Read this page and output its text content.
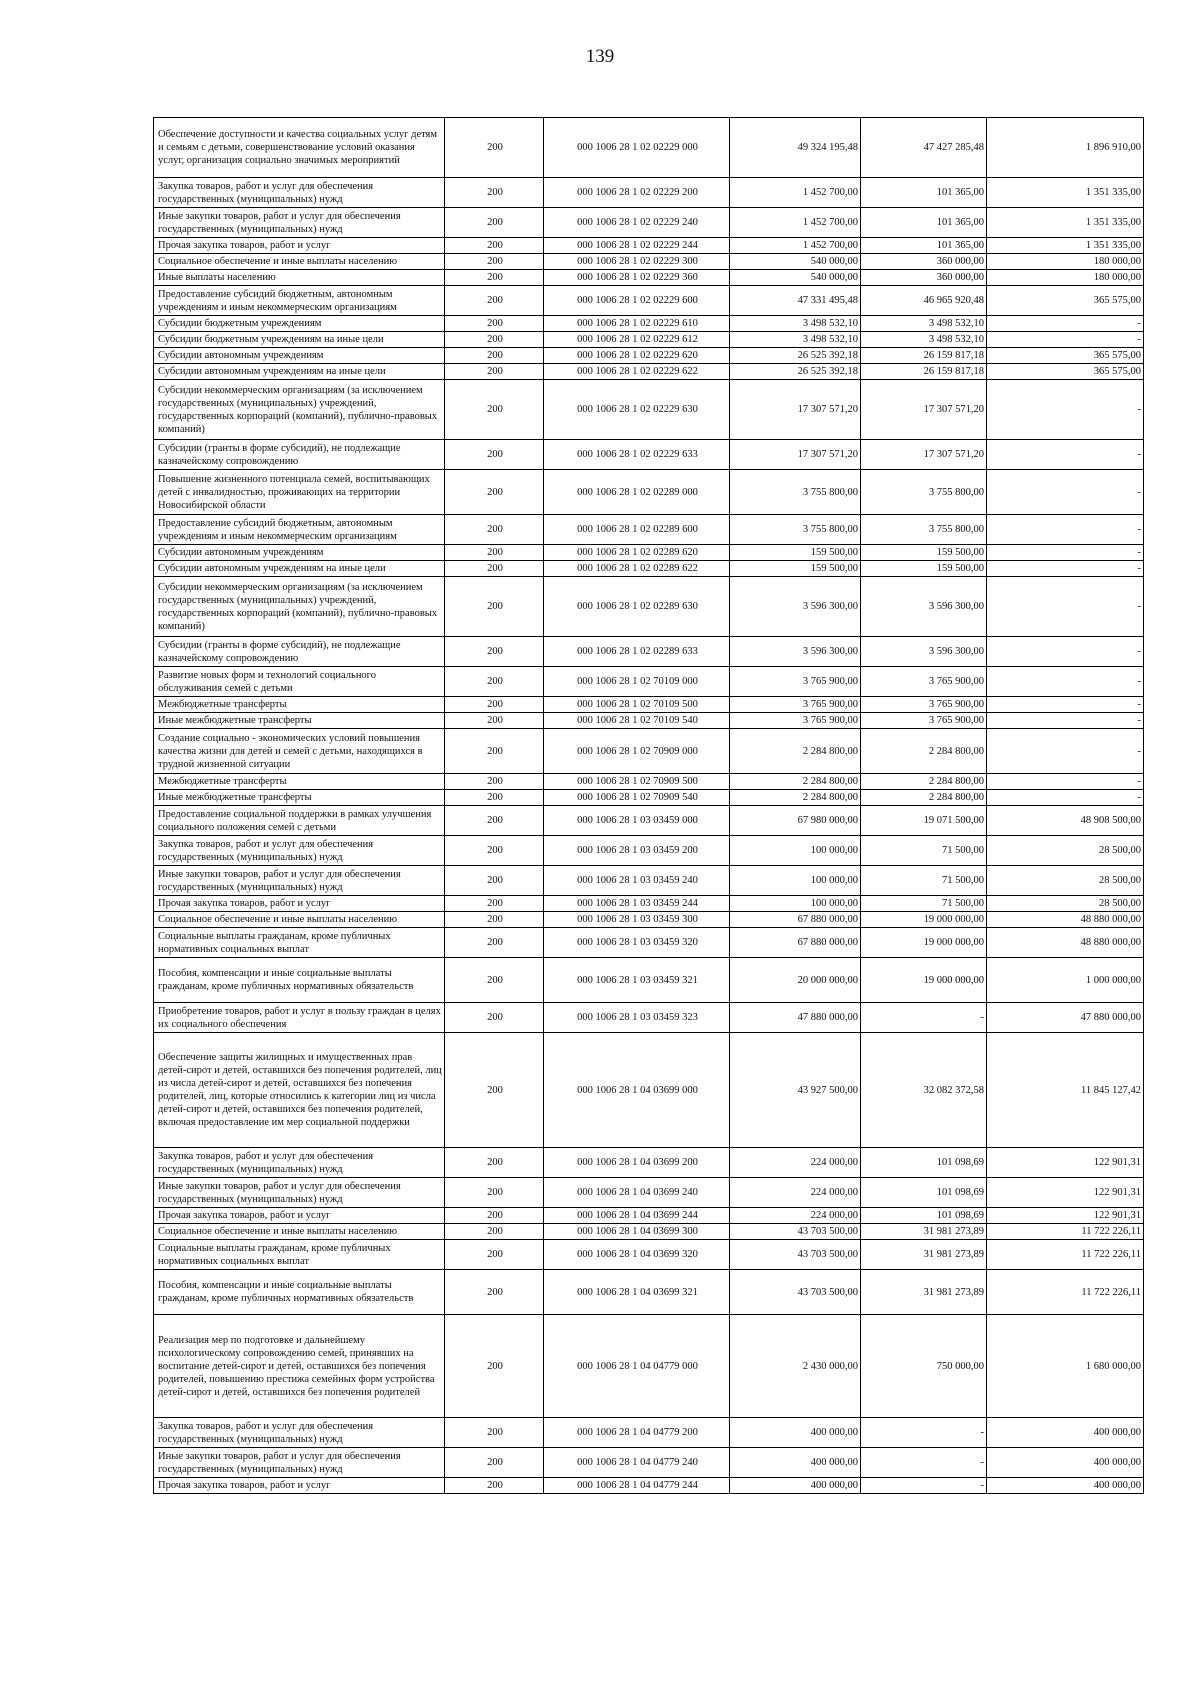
139
Обеспечение доступности и качества социальных услуг детям и семьям с детьми, совершенствование условий оказания услуг, организация социально значимых мероприятий	200	000 1006 28 1 02 02229 000	49 324 195,48	47 427 285,48	1 896 910,00
Закупка товаров, работ и услуг для обеспечения государственных (муниципальных) нужд	200	000 1006 28 1 02 02229 200	1 452 700,00	101 365,00	1 351 335,00
Иные закупки товаров, работ и услуг для обеспечения государственных (муниципальных) нужд	200	000 1006 28 1 02 02229 240	1 452 700,00	101 365,00	1 351 335,00
Прочая закупка товаров, работ и услуг	200	000 1006 28 1 02 02229 244	1 452 700,00	101 365,00	1 351 335,00
Социальное обеспечение и иные выплаты населению	200	000 1006 28 1 02 02229 300	540 000,00	360 000,00	180 000,00
Иные выплаты населению	200	000 1006 28 1 02 02229 360	540 000,00	360 000,00	180 000,00
Предоставление субсидий бюджетным, автономным учреждениям и иным некоммерческим организациям	200	000 1006 28 1 02 02229 600	47 331 495,48	46 965 920,48	365 575,00
Субсидии бюджетным учреждениям	200	000 1006 28 1 02 02229 610	3 498 532,10	3 498 532,10	-
Субсидии бюджетным учреждениям на иные цели	200	000 1006 28 1 02 02229 612	3 498 532,10	3 498 532,10	-
Субсидии автономным учреждениям	200	000 1006 28 1 02 02229 620	26 525 392,18	26 159 817,18	365 575,00
Субсидии автономным учреждениям на иные цели	200	000 1006 28 1 02 02229 622	26 525 392,18	26 159 817,18	365 575,00
Субсидии некоммерческим организациям (за исключением государственных (муниципальных) учреждений, государственных корпораций (компаний), публично-правовых компаний)	200	000 1006 28 1 02 02229 630	17 307 571,20	17 307 571,20	-
Субсидии (гранты в форме субсидий), не подлежащие казначейскому сопровождению	200	000 1006 28 1 02 02229 633	17 307 571,20	17 307 571,20	-
Повышение жизненного потенциала семей, воспитывающих детей с инвалидностью, проживающих на территории Новосибирской области	200	000 1006 28 1 02 02289 000	3 755 800,00	3 755 800,00	-
Предоставление субсидий бюджетным, автономным учреждениям и иным некоммерческим организациям	200	000 1006 28 1 02 02289 600	3 755 800,00	3 755 800,00	-
Субсидии автономным учреждениям	200	000 1006 28 1 02 02289 620	159 500,00	159 500,00	-
Субсидии автономным учреждениям на иные цели	200	000 1006 28 1 02 02289 622	159 500,00	159 500,00	-
Субсидии некоммерческим организациям (за исключением государственных (муниципальных) учреждений, государственных корпораций (компаний), публично-правовых компаний)	200	000 1006 28 1 02 02289 630	3 596 300,00	3 596 300,00	-
Субсидии (гранты в форме субсидий), не подлежащие казначейскому сопровождению	200	000 1006 28 1 02 02289 633	3 596 300,00	3 596 300,00	-
Развитие новых форм и технологий социального обслуживания семей с детьми	200	000 1006 28 1 02 70109 000	3 765 900,00	3 765 900,00	-
Межбюджетные трансферты	200	000 1006 28 1 02 70109 500	3 765 900,00	3 765 900,00	-
Иные межбюджетные трансферты	200	000 1006 28 1 02 70109 540	3 765 900,00	3 765 900,00	-
Создание социально - экономических условий повышения качества жизни для детей и семей с детьми, находящихся в трудной жизненной ситуации	200	000 1006 28 1 02 70909 000	2 284 800,00	2 284 800,00	-
Межбюджетные трансферты	200	000 1006 28 1 02 70909 500	2 284 800,00	2 284 800,00	-
Иные межбюджетные трансферты	200	000 1006 28 1 02 70909 540	2 284 800,00	2 284 800,00	-
Предоставление социальной поддержки в рамках улучшения социального положения семей с детьми	200	000 1006 28 1 03 03459 000	67 980 000,00	19 071 500,00	48 908 500,00
Закупка товаров, работ и услуг для обеспечения государственных (муниципальных) нужд	200	000 1006 28 1 03 03459 200	100 000,00	71 500,00	28 500,00
Иные закупки товаров, работ и услуг для обеспечения государственных (муниципальных) нужд	200	000 1006 28 1 03 03459 240	100 000,00	71 500,00	28 500,00
Прочая закупка товаров, работ и услуг	200	000 1006 28 1 03 03459 244	100 000,00	71 500,00	28 500,00
Социальное обеспечение и иные выплаты населению	200	000 1006 28 1 03 03459 300	67 880 000,00	19 000 000,00	48 880 000,00
Социальные выплаты гражданам, кроме публичных нормативных социальных выплат	200	000 1006 28 1 03 03459 320	67 880 000,00	19 000 000,00	48 880 000,00
Пособия, компенсации и иные социальные выплаты гражданам, кроме публичных нормативных обязательств	200	000 1006 28 1 03 03459 321	20 000 000,00	19 000 000,00	1 000 000,00
Приобретение товаров, работ и услуг в пользу граждан в целях их социального обеспечения	200	000 1006 28 1 03 03459 323	47 880 000,00	-	47 880 000,00
Обеспечение защиты жилищных и имущественных прав детей-сирот и детей, оставшихся без попечения родителей, лиц из числа детей-сирот и детей, оставшихся без попечения родителей, лиц, которые относились к категории лиц из числа детей-сирот и детей, оставшихся без попечения родителей, включая предоставление им мер социальной поддержки	200	000 1006 28 1 04 03699 000	43 927 500,00	32 082 372,58	11 845 127,42
Закупка товаров, работ и услуг для обеспечения государственных (муниципальных) нужд	200	000 1006 28 1 04 03699 200	224 000,00	101 098,69	122 901,31
Иные закупки товаров, работ и услуг для обеспечения государственных (муниципальных) нужд	200	000 1006 28 1 04 03699 240	224 000,00	101 098,69	122 901,31
Прочая закупка товаров, работ и услуг	200	000 1006 28 1 04 03699 244	224 000,00	101 098,69	122 901,31
Социальное обеспечение и иные выплаты населению	200	000 1006 28 1 04 03699 300	43 703 500,00	31 981 273,89	11 722 226,11
Социальные выплаты гражданам, кроме публичных нормативных социальных выплат	200	000 1006 28 1 04 03699 320	43 703 500,00	31 981 273,89	11 722 226,11
Пособия, компенсации и иные социальные выплаты гражданам, кроме публичных нормативных обязательств	200	000 1006 28 1 04 03699 321	43 703 500,00	31 981 273,89	11 722 226,11
Реализация мер по подготовке и дальнейшему психологическому сопровождению семей, принявших на воспитание детей-сирот и детей, оставшихся без попечения родителей, повышению престижа семейных форм устройства детей-сирот и детей, оставшихся без попечения родителей	200	000 1006 28 1 04 04779 000	2 430 000,00	750 000,00	1 680 000,00
Закупка товаров, работ и услуг для обеспечения государственных (муниципальных) нужд	200	000 1006 28 1 04 04779 200	400 000,00	-	400 000,00
Иные закупки товаров, работ и услуг для обеспечения государственных (муниципальных) нужд	200	000 1006 28 1 04 04779 240	400 000,00	-	400 000,00
Прочая закупка товаров, работ и услуг	200	000 1006 28 1 04 04779 244	400 000,00	-	400 000,00
